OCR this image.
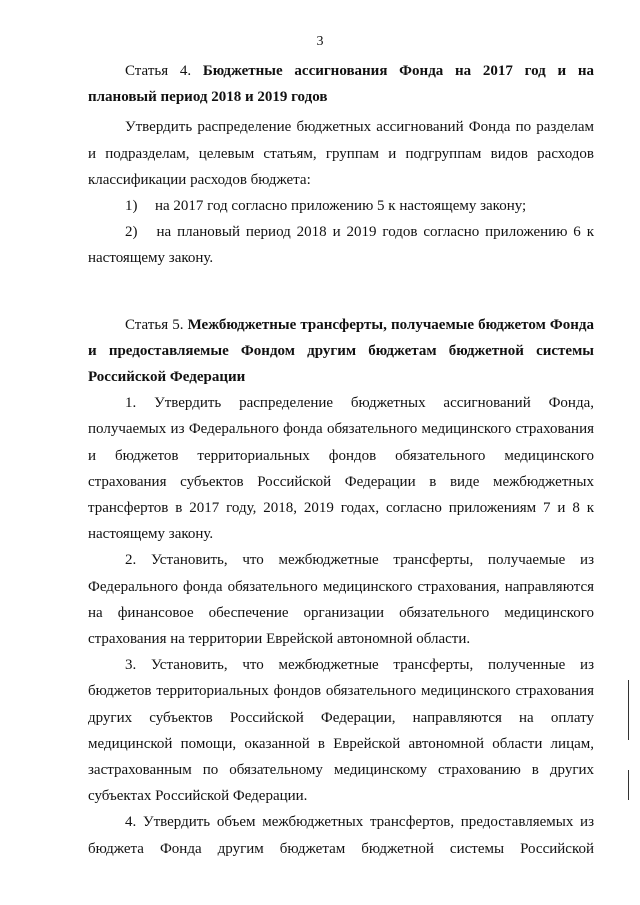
3

Статья 4. Бюджетные ассигнования Фонда на 2017 год и на

плановый период 2018 и 2019 годов

Утвердить распределение бюджетных ассигнований Фонда по разделам и подразделам, целевым статьям, группам и подгруппам видов расходов классификации расходов бюджета:

1)	на 2017 год согласно приложению 5 к настоящему закону;

2) на плановый период 2018 и 2019 годов согласно приложению 6 к настоящему закону.

Статья 5. Межбюджетные трансферты, получаемые бюджетом Фонда и предоставляемые Фондом другим бюджетам бюджетной системы Российской Федерации

1. Утвердить распределение бюджетных ассигнований Фонда, получаемых из Федерального фонда обязательного медицинского страхования и бюджетов территориальных фондов обязательного медицинского страхования субъектов Российской Федерации в виде межбюджетных трансфертов в 2017 году, 2018, 2019 годах, согласно приложениям 7 и 8 к настоящему закону.

2. Установить, что межбюджетные трансферты, получаемые из Федерального фонда обязательного медицинского страхования, направляются на финансовое обеспечение организации обязательного медицинского страхования на территории Еврейской автономной области.

3. Установить, что межбюджетные трансферты, полученные из бюджетов территориальных фондов обязательного медицинского страхования других субъектов Российской Федерации, направляются на оплату медицинской помощи, оказанной в Еврейской автономной области лицам, застрахованным по обязательному медицинскому страхованию в других субъектах Российской Федерации.

4. Утвердить объем межбюджетных трансфертов, предоставляемых из бюджета Фонда другим бюджетам бюджетной системы Российской
